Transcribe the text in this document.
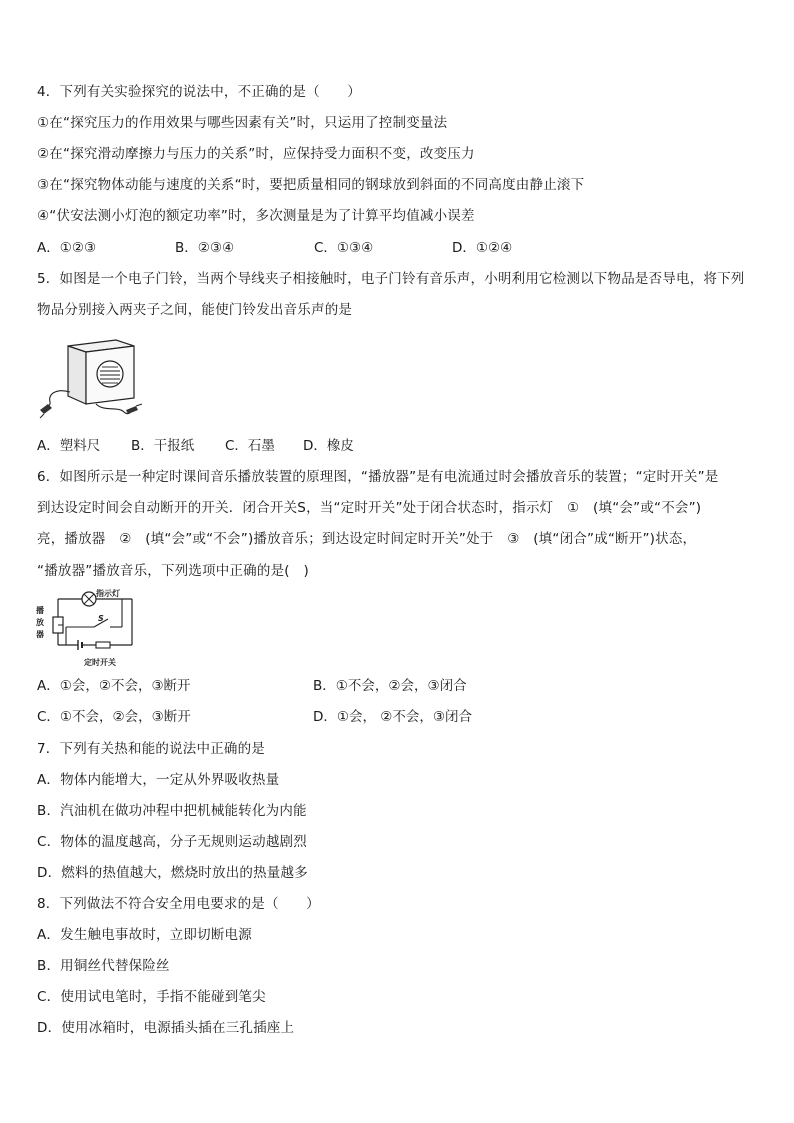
4．下列有关实验探究的说法中，不正确的是（　　）
①在“探究压力的作用效果与哪些因素有关”时，只运用了控制变量法
②在“探究滑动摩擦力与压力的关系”时，应保持受力面积不变，改变压力
③在“探究物体动能与速度的关系“时，要把质量相同的钢球放到斜面的不同高度由静止滚下
④“伏安法测小灯泡的额定功率”时，多次测量是为了计算平均值减小误差
A．①②③	B．②③④	C．①③④	D．①②④
5．如图是一个电子门铃，当两个导线夹子相接触时，电子门铃有音乐声，小明利用它检测以下物品是否导电，将下列
物品分别接入两夹子之间，能使门铃发出音乐声的是
A．塑料尺 B．干报纸 C．石墨 D．橡皮
6．如图所示是一种定时课间音乐播放装置的原理图，“播放器”是有电流通过时会播放音乐的装置；“定时开关”是
到达设定时间会自动断开的开关．闭合开关S，当“定时开关”处于闭合状态时，指示灯　①　(填“会”或“不会”)
亮，播放器　②　(填“会”或“不会”)播放音乐；到达设定时间定时开关”处于　③　(填“闭合”成“断开”)状态，
“播放器”播放音乐，下列选项中正确的是(　)
指示灯
S
定时开关
播放器
A．①会，②不会，③断开	B．①不会，②会，③闭合
C．①不会，②会，③断开	D．①会， ②不会，③闭合
7．下列有关热和能的说法中正确的是
A．物体内能增大，一定从外界吸收热量
B．汽油机在做功冲程中把机械能转化为内能
C．物体的温度越高，分子无规则运动越剧烈
D．燃料的热值越大，燃烧时放出的热量越多
8．下列做法不符合安全用电要求的是（　　）
A．发生触电事故时，立即切断电源
B．用铜丝代替保险丝
C．使用试电笔时，手指不能碰到笔尖
D．使用冰箱时，电源插头插在三孔插座上
